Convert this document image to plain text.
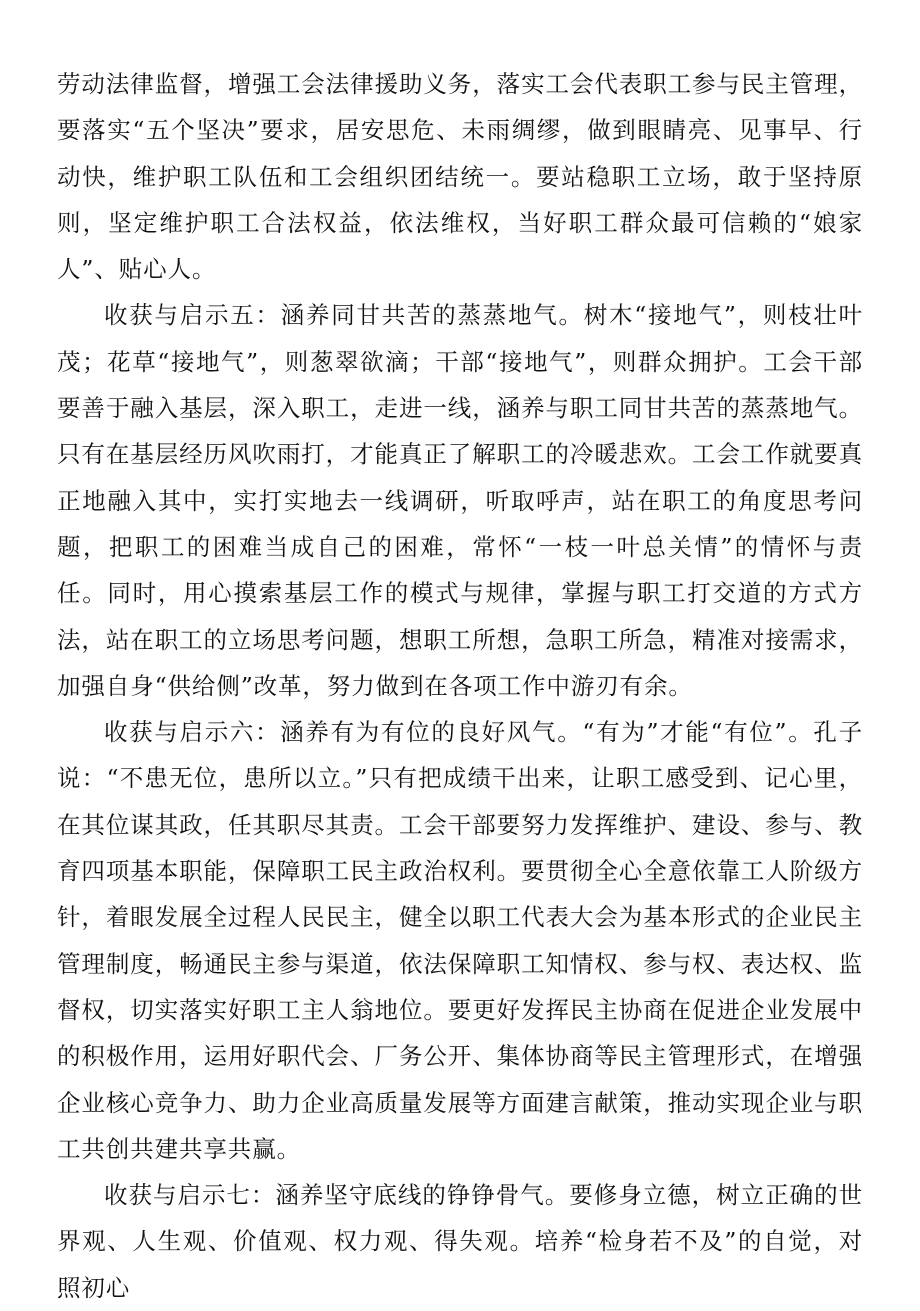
劳动法律监督，增强工会法律援助义务，落实工会代表职工参与民主管理，要落实“五个坚决”要求，居安思危、未雨绸缪，做到眼睛亮、见事早、行动快，维护职工队伍和工会组织团结统一。要站稳职工立场，敢于坚持原则，坚定维护职工合法权益，依法维权，当好职工群众最可信赖的“娘家人”、贴心人。

收获与启示五：涵养同甘共苦的蒸蒸地气。树木“接地气”，则枝壮叶茂；花草“接地气”，则葱翠欲滴；干部“接地气”，则群众拥护。工会干部要善于融入基层，深入职工，走进一线，涵养与职工同甘共苦的蒸蒸地气。只有在基层经历风吹雨打，才能真正了解职工的冷暖悲欢。工会工作就要真正地融入其中，实打实地去一线调研，听取呼声，站在职工的角度思考问题，把职工的困难当成自己的困难，常怀“一枝一叶总关情”的情怀与责任。同时，用心摸索基层工作的模式与规律，掌握与职工打交道的方式方法，站在职工的立场思考问题，想职工所想，急职工所急，精准对接需求，加强自身“供给侧”改革，努力做到在各项工作中游刃有余。

收获与启示六：涵养有为有位的良好风气。“有为”才能“有位”。孔子说：“不患无位，患所以立。”只有把成绩干出来，让职工感受到、记心里，在其位谋其政，任其职尽其责。工会干部要努力发挥维护、建设、参与、教育四项基本职能，保障职工民主政治权利。要贯彻全心全意依靠工人阶级方针，着眼发展全过程人民民主，健全以职工代表大会为基本形式的企业民主管理制度，畅通民主参与渠道，依法保障职工知情权、参与权、表达权、监督权，切实落实好职工主人翁地位。要更好发挥民主协商在促进企业发展中的积极作用，运用好职代会、厂务公开、集体协商等民主管理形式，在增强企业核心竞争力、助力企业高质量发展等方面建言献策，推动实现企业与职工共创共建共享共赢。

收获与启示七：涵养坚守底线的铮铮骨气。要修身立德，树立正确的世界观、人生观、价值观、权力观、得失观。培养“检身若不及”的自觉，对照初心
